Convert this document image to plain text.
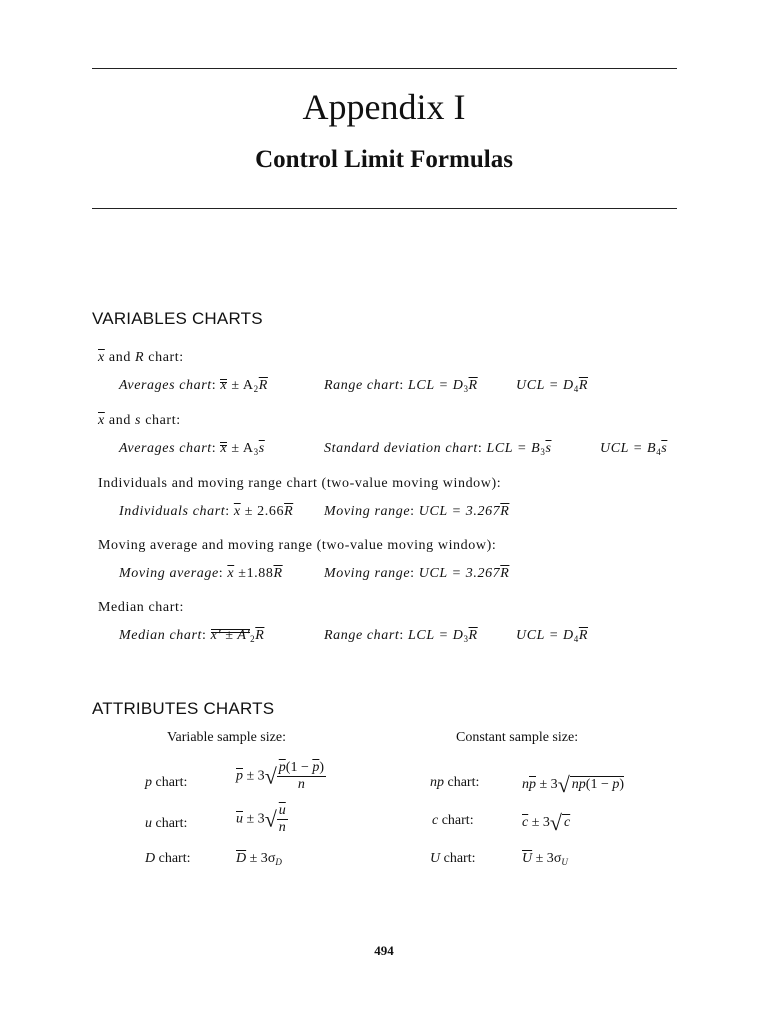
Appendix I
Control Limit Formulas
VARIABLES CHARTS
$\overline{x}$ and R chart:
Averages chart: $x \pm A_2\overline{R}$	Range chart: LCL = $D_3\overline{R}$	UCL = $D_4\overline{R}$
$\overline{x}$ and s chart:
Averages chart: $x \pm A_3\overline{s}$	Standard deviation chart: LCL = $B_3\overline{s}$	UCL = $B_4\overline{s}$
Individuals and moving range chart (two-value moving window):
Individuals chart: $\overline{x} \pm 2.66\overline{R}$ Moving range: UCL = $3.267\overline{R}$
Moving average and moving range (two-value moving window):
Moving average: $\overline{x} \pm 1.88\overline{R}$	Moving range: UCL = $3.267\overline{R}$
Median chart:
Median chart: $x' \pm A'_2\overline{R}$	Range chart: LCL = $D_3\overline{R}$	UCL = $D_4\overline{R}$
ATTRIBUTES CHARTS
Variable sample size:	Constant sample size:
p chart:	$\overline{p} \pm 3√ \frac{p(1 - \overline{p})}{n}$	np chart:	$n\overline{p} \pm 3√$ $n\overline{p}(1 - \overline{p})$
u chart:	$\overline{u} \pm 3√ \frac{u}{n}$	c chart:	$\overline{c} \pm 3√$ c
D chart:	$\overline{D} \pm 3\sigma_D$	U chart:	$\overline{U} \pm 3\sigma_U$
494
